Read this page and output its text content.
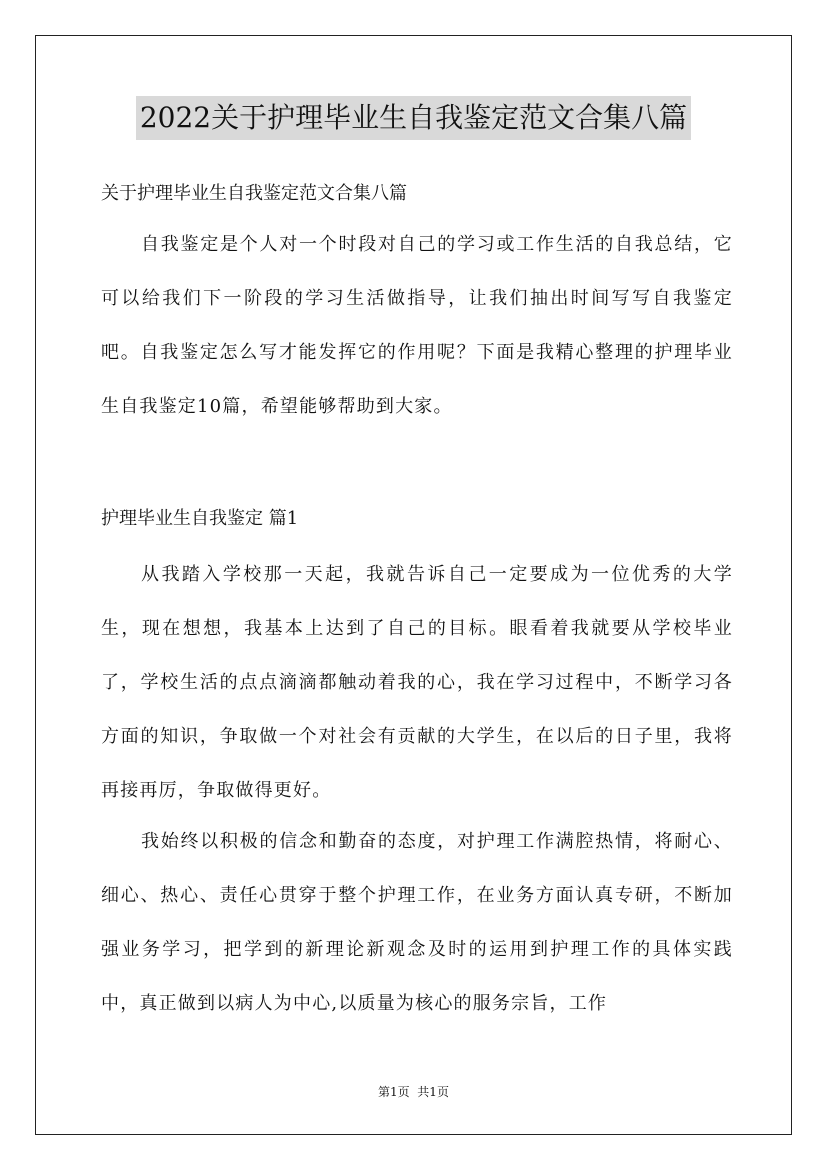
2022关于护理毕业生自我鉴定范文合集八篇
关于护理毕业生自我鉴定范文合集八篇

自我鉴定是个人对一个时段对自己的学习或工作生活的自我总结，它可以给我们下一阶段的学习生活做指导，让我们抽出时间写写自我鉴定吧。自我鉴定怎么写才能发挥它的作用呢？下面是我精心整理的护理毕业生自我鉴定10篇，希望能够帮助到大家。

护理毕业生自我鉴定 篇1

从我踏入学校那一天起，我就告诉自己一定要成为一位优秀的大学生，现在想想，我基本上达到了自己的目标。眼看着我就要从学校毕业了，学校生活的点点滴滴都触动着我的心，我在学习过程中，不断学习各方面的知识，争取做一个对社会有贡献的大学生，在以后的日子里，我将再接再厉，争取做得更好。

我始终以积极的信念和勤奋的态度，对护理工作满腔热情，将耐心、细心、热心、责任心贯穿于整个护理工作，在业务方面认真专研，不断加强业务学习，把学到的新理论新观念及时的运用到护理工作的具体实践中，真正做到以病人为中心,以质量为核心的服务宗旨，工作

第1页  共1页
